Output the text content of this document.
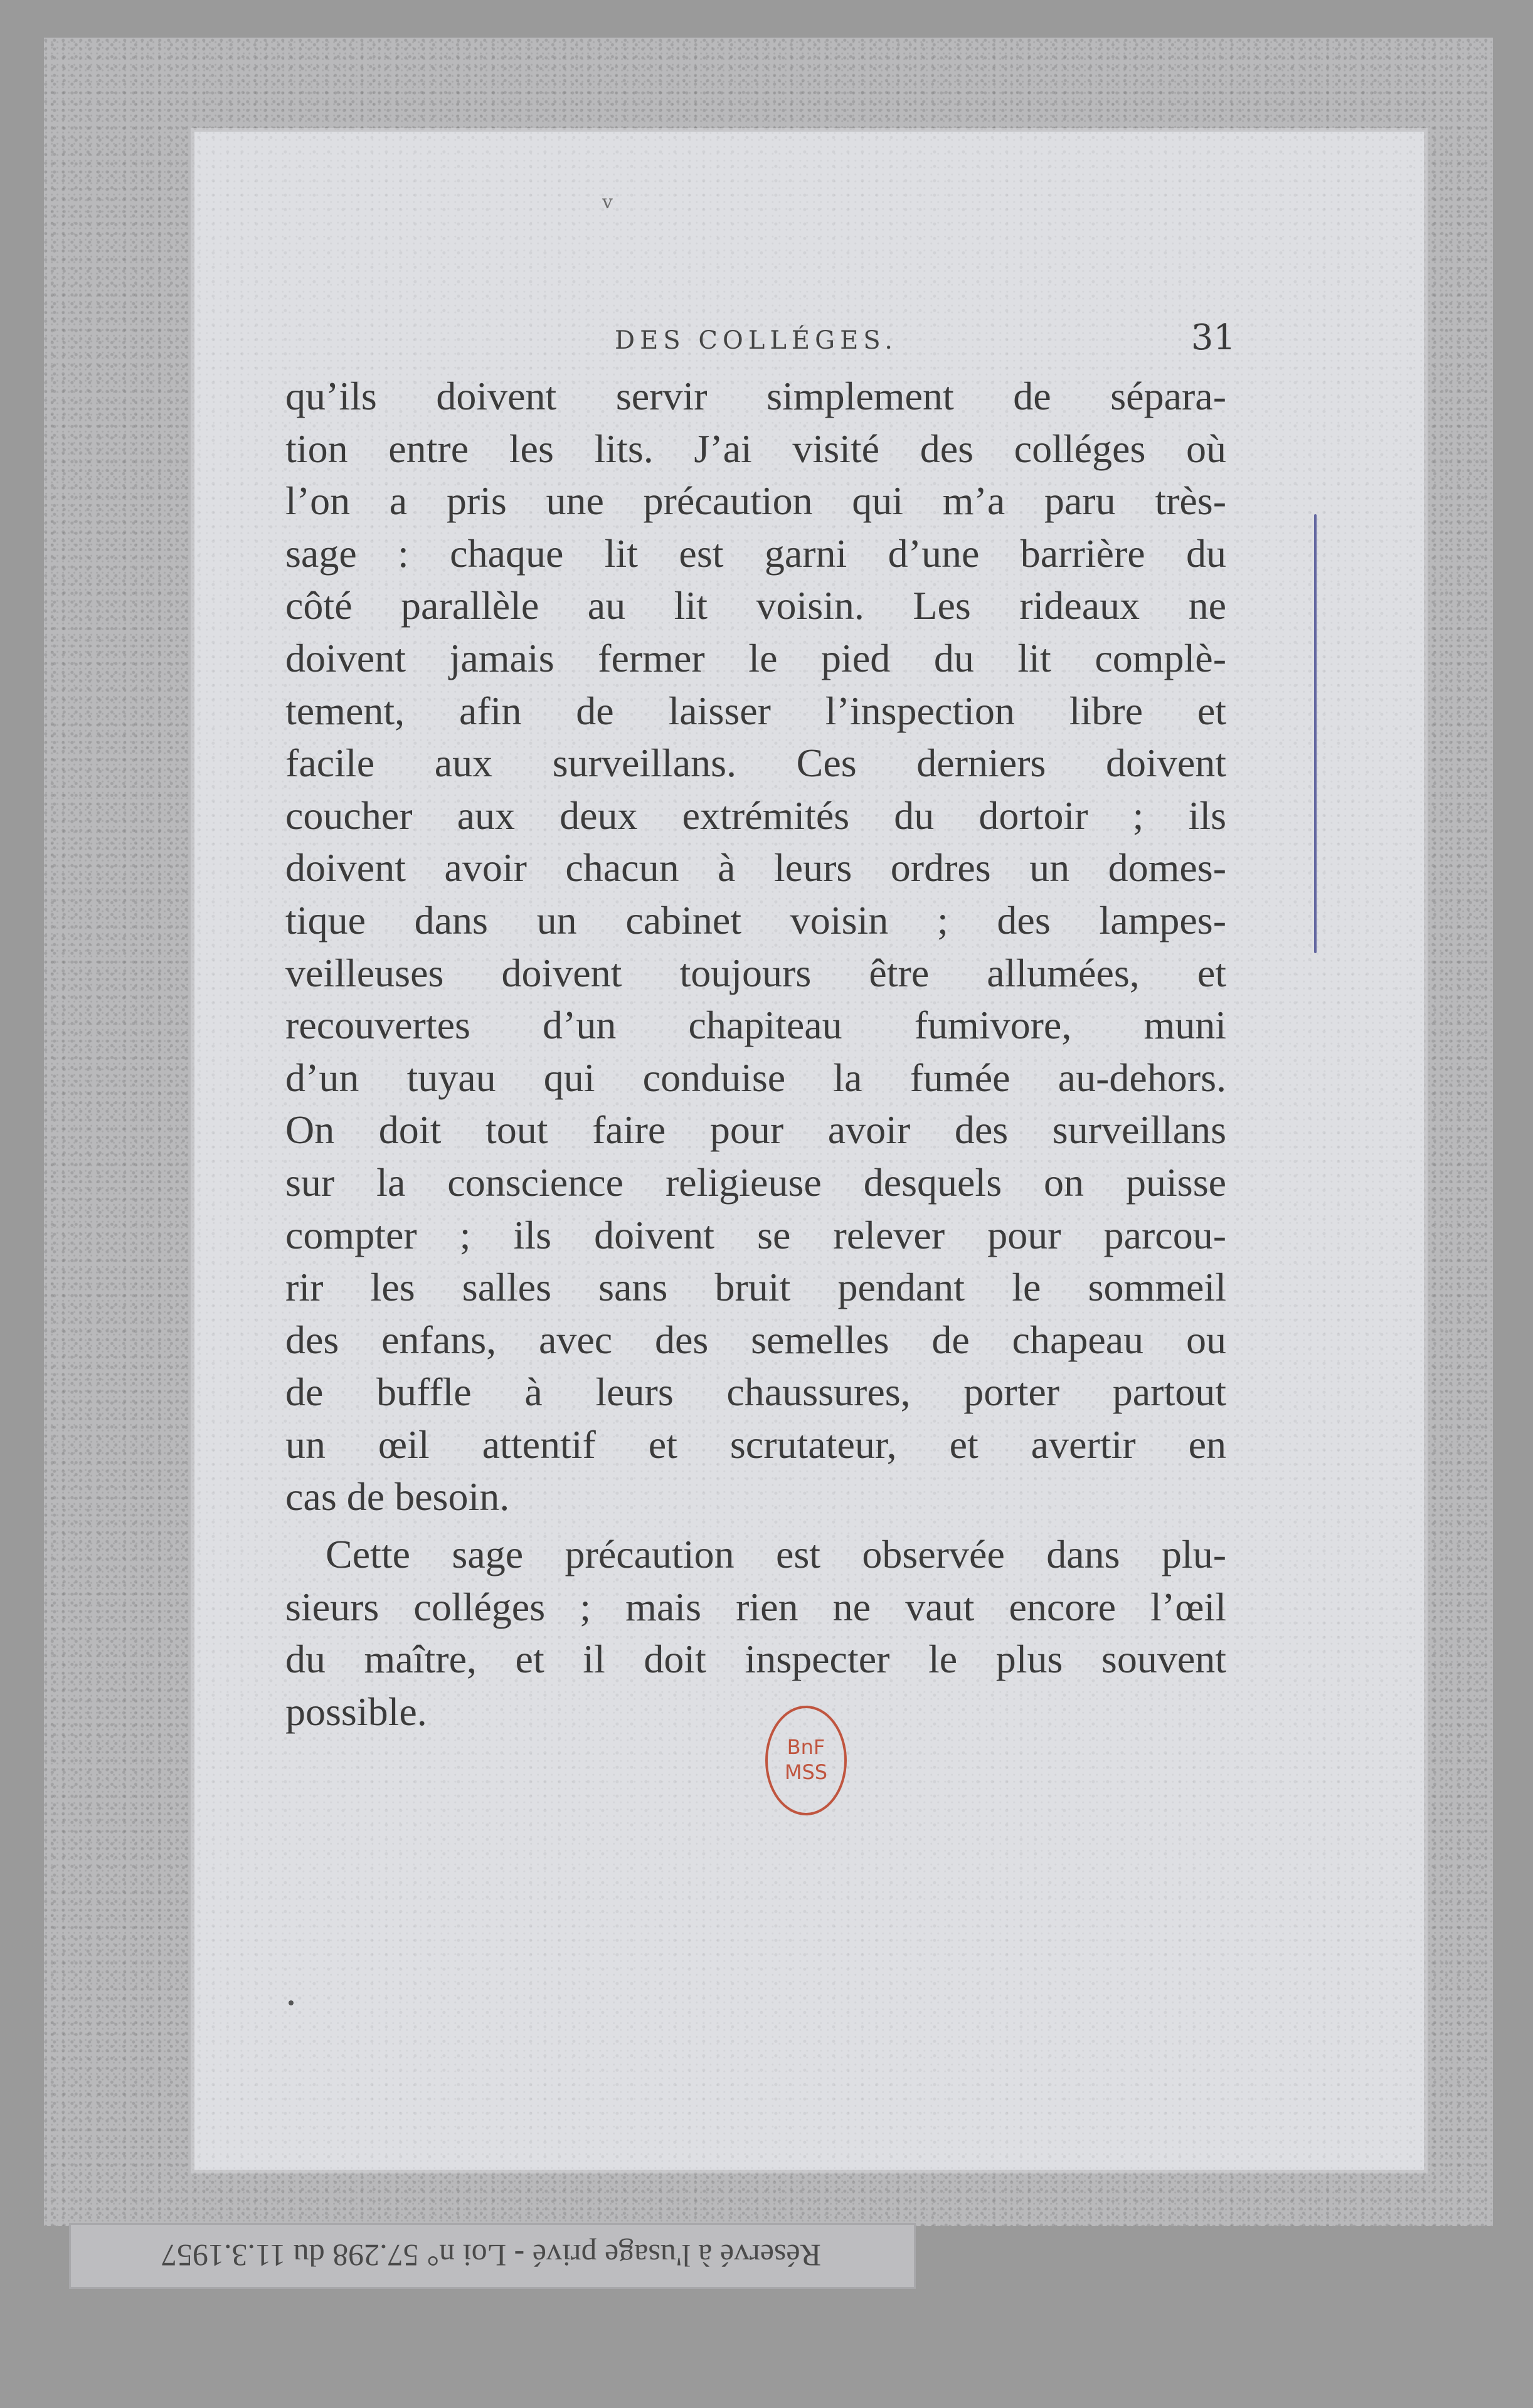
v
DES COLLÉGES.	31
qu’ils doivent servir simplement de sépara-
tion entre les lits. J’ai visité des colléges où
l’on a pris une précaution qui m’a paru très-
sage : chaque lit est garni d’une barrière du
côté parallèle au lit voisin. Les rideaux ne
doivent jamais fermer le pied du lit complè-
tement, afin de laisser l’inspection libre et
facile aux surveillans. Ces derniers doivent
coucher aux deux extrémités du dortoir ; ils
doivent avoir chacun à leurs ordres un domes-
tique dans un cabinet voisin ; des lampes-
veilleuses doivent toujours être allumées, et
recouvertes d’un chapiteau fumivore, muni
d’un tuyau qui conduise la fumée au-dehors.
On doit tout faire pour avoir des surveillans
sur la conscience religieuse desquels on puisse
compter ; ils doivent se relever pour parcou-
rir les salles sans bruit pendant le sommeil
des enfans, avec des semelles de chapeau ou
de buffle à leurs chaussures, porter partout
un œil attentif et scrutateur, et avertir en
cas de besoin.
Cette sage précaution est observée dans plu-
sieurs colléges ; mais rien ne vaut encore l’œil
du maître, et il doit inspecter le plus souvent
possible.
BnF
MSS
Réservé à l'usage privé - Loi n° 57.298 du 11.3.1957
